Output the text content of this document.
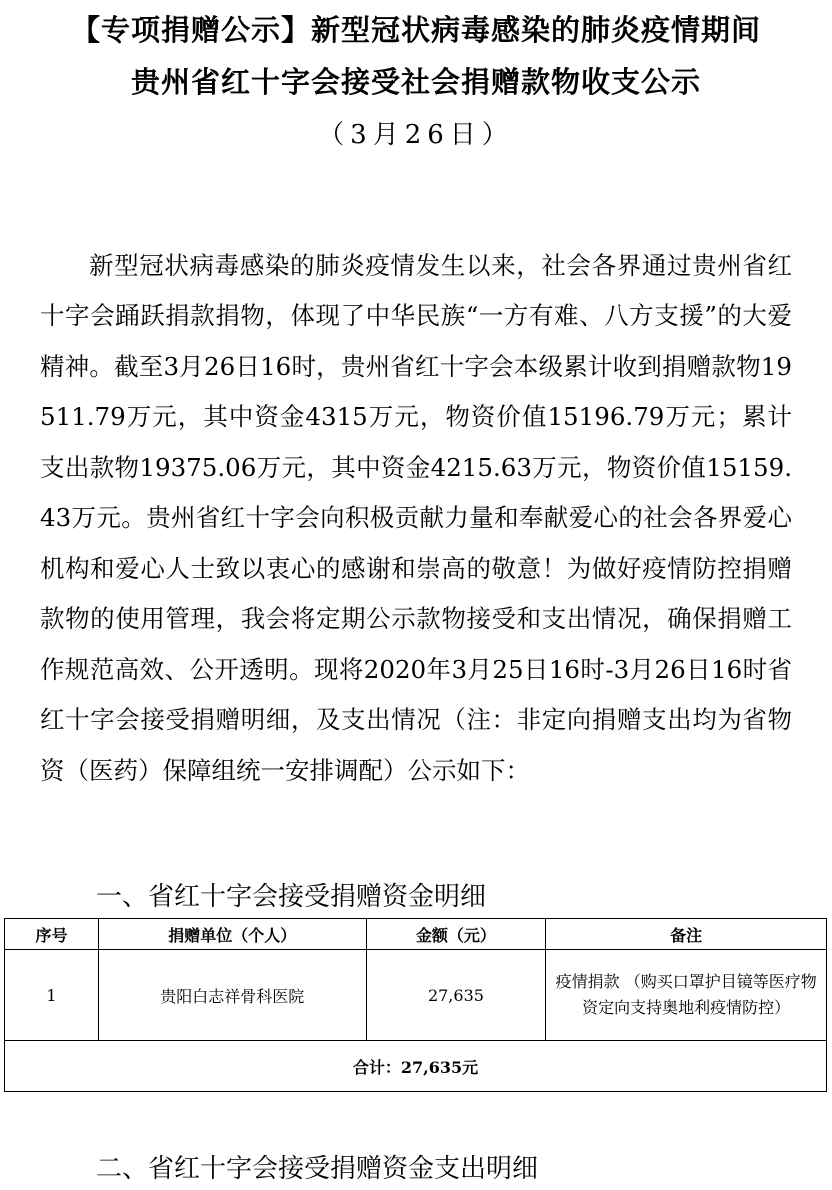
【专项捐赠公示】新型冠状病毒感染的肺炎疫情期间
贵州省红十字会接受社会捐赠款物收支公示
（3月26日）

新型冠状病毒感染的肺炎疫情发生以来，社会各界通过贵州省红十字会踊跃捐款捐物，体现了中华民族“一方有难、八方支援”的大爱精神。截至3月26日16时，贵州省红十字会本级累计收到捐赠款物19511.79万元，其中资金4315万元，物资价值15196.79万元；累计支出款物19375.06万元，其中资金4215.63万元，物资价值15159.43万元。贵州省红十字会向积极贡献力量和奉献爱心的社会各界爱心机构和爱心人士致以衷心的感谢和崇高的敬意！为做好疫情防控捐赠款物的使用管理，我会将定期公示款物接受和支出情况，确保捐赠工作规范高效、公开透明。现将2020年3月25日16时-3月26日16时省红十字会接受捐赠明细，及支出情况（注：非定向捐赠支出均为省物资（医药）保障组统一安排调配）公示如下：

一、省红十字会接受捐赠资金明细
序号	捐赠单位（个人）	金额（元）	备注
1	贵阳白志祥骨科医院	27,635	疫情捐款 （购买口罩护目镜等医疗物资定向支持奥地利疫情防控）
合计：27,635元			
二、省红十字会接受捐赠资金支出明细
